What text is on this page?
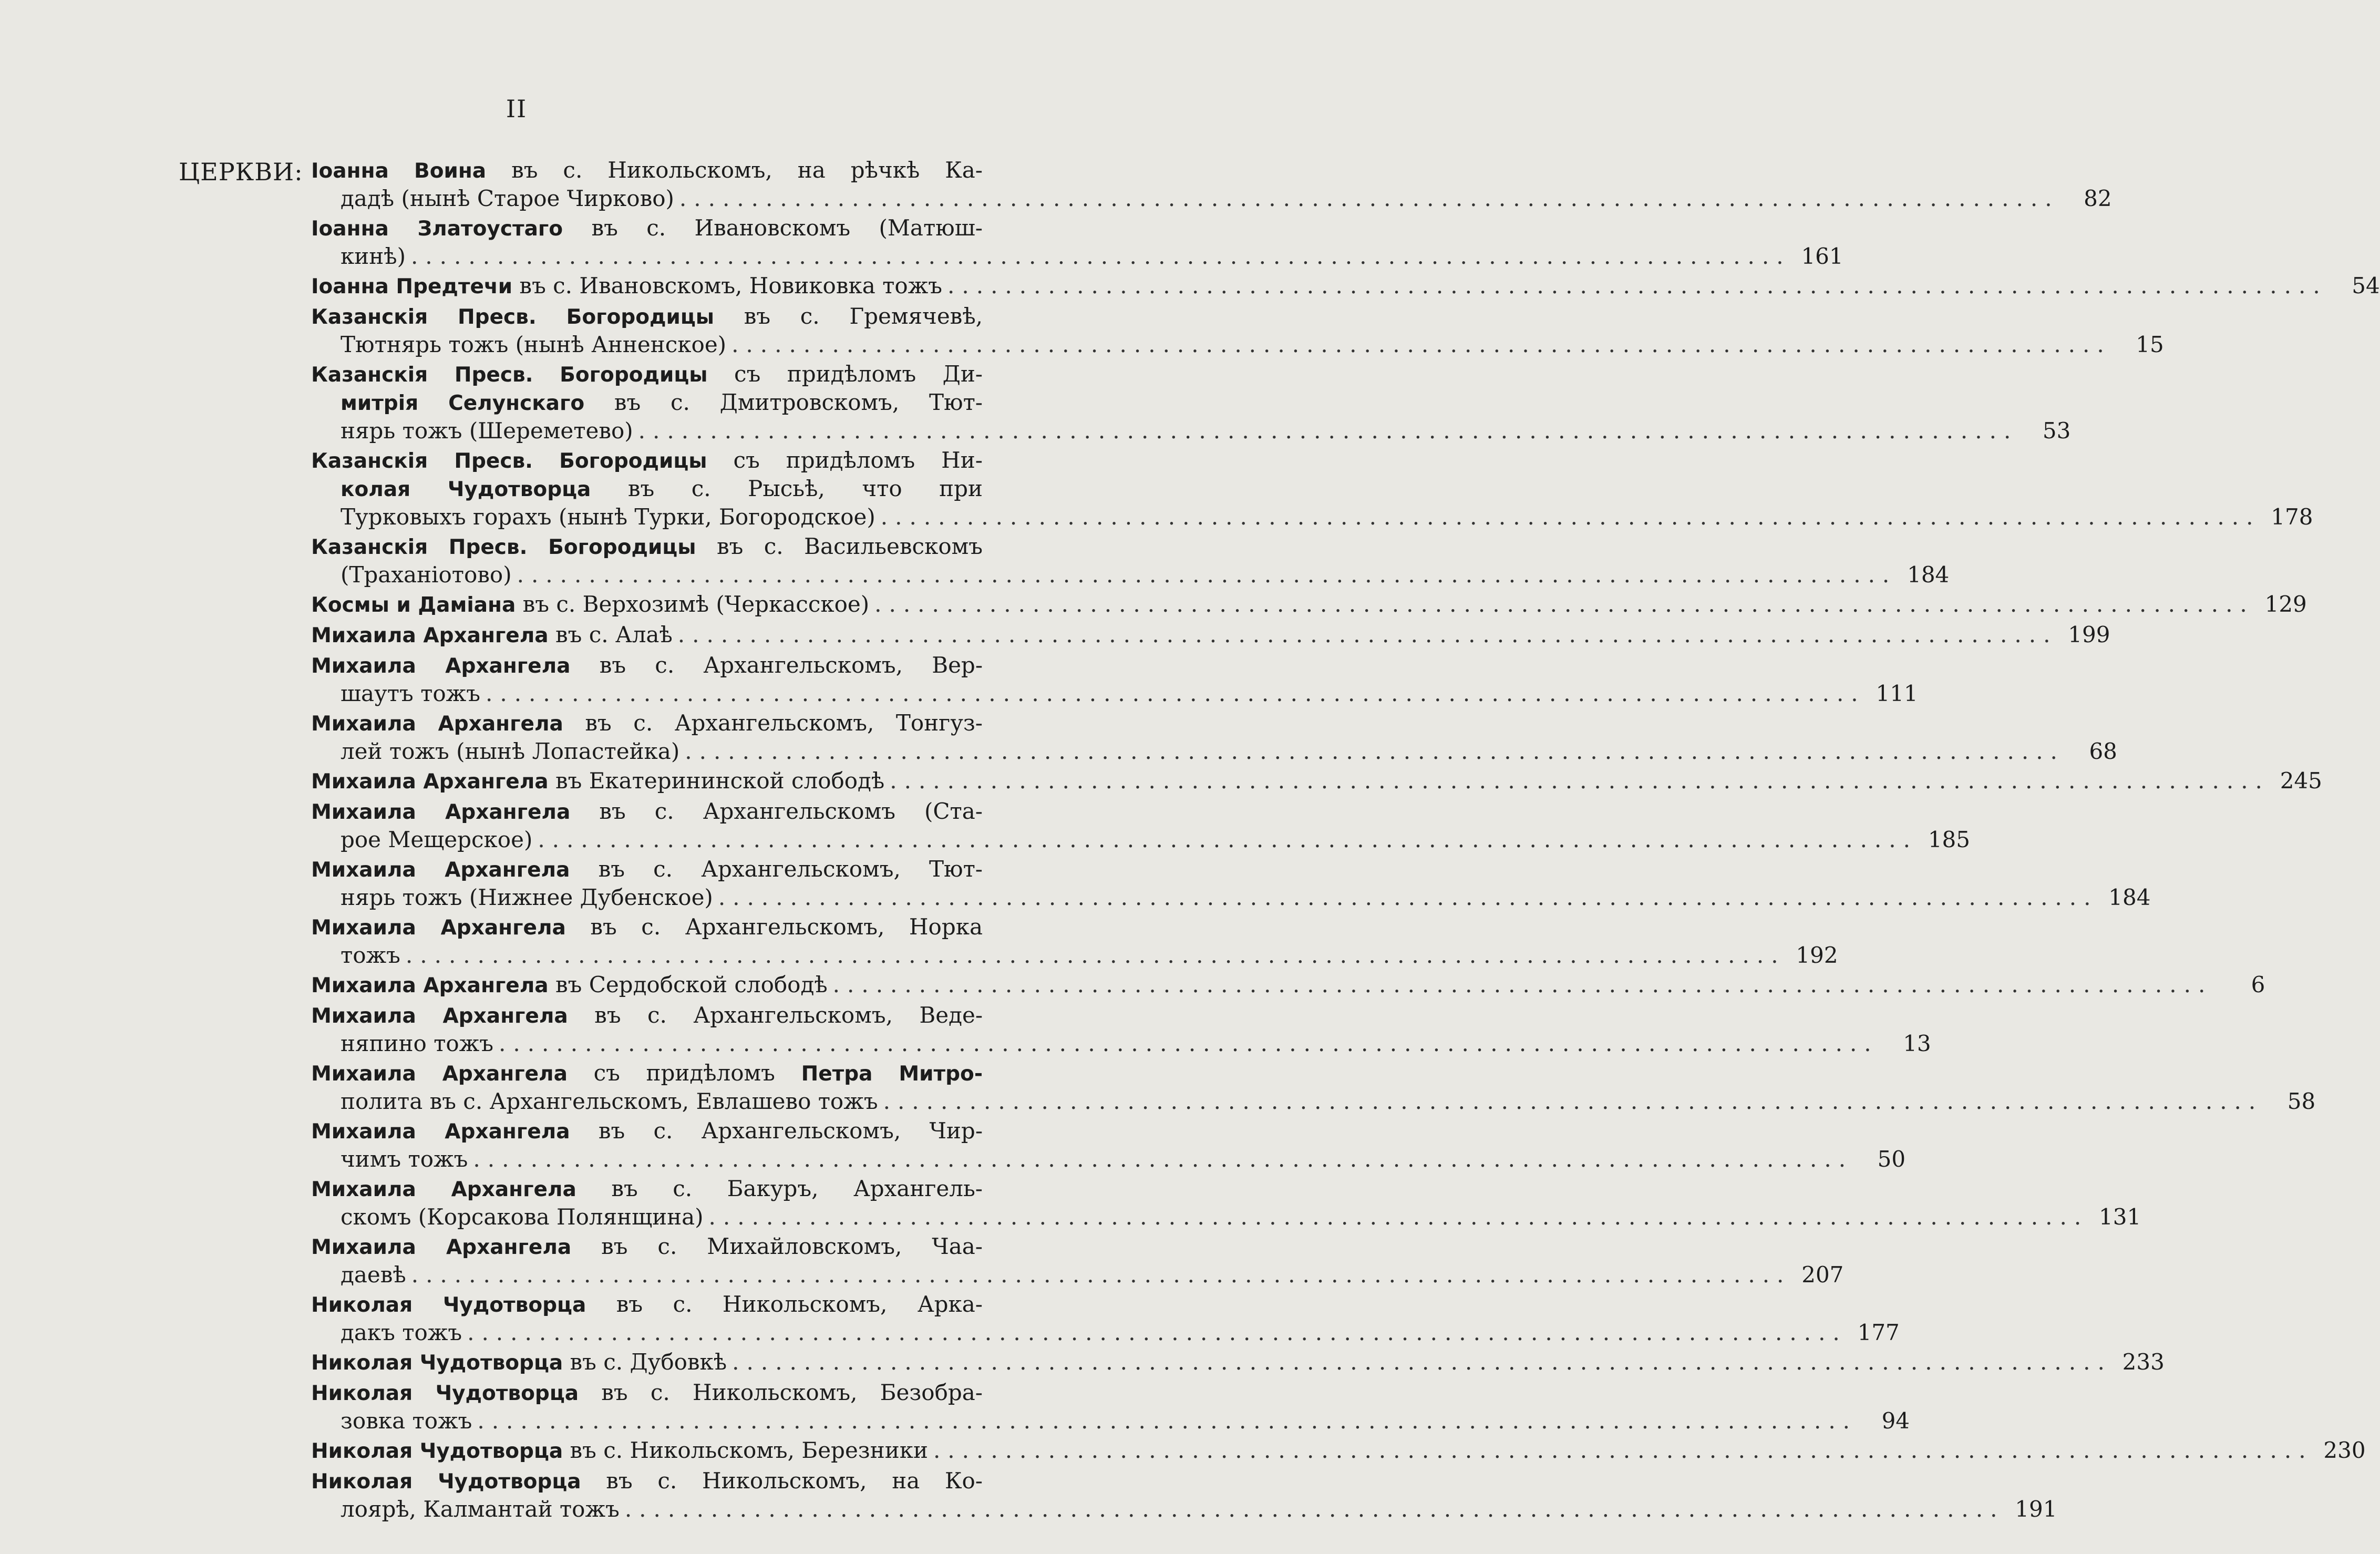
II
ЦЕРКВИ: Іоанна Воина въ с. Никольскомъ, на рѣчкѣ Ка-
дадѣ (нынѣ Старое Чирково) ................................................................................................	82
Іоанна Златоустаго въ с. Ивановскомъ (Матюш-
кинѣ) ................................................................................................ 161
Іоанна Предтечи въ с. Ивановскомъ, Новиковка тожъ ................................................................................................	54
Казанскія Пресв. Богородицы въ с. Гремячевѣ,
Тютнярь тожъ (нынѣ Анненское) ................................................................................................	15
Казанскія Пресв. Богородицы съ придѣломъ Ди-
митрія Селунскаго въ с. Дмитровскомъ, Тют-
нярь тожъ (Шереметево) ................................................................................................	53
Казанскія Пресв. Богородицы съ придѣломъ Ни-
колая Чудотворца въ с. Рысьѣ, что при
Турковыхъ горахъ (нынѣ Турки, Богородское) ................................................................................................ 178
Казанскія Пресв. Богородицы въ с. Васильевскомъ
(Траханіотово) ................................................................................................ 184
Космы и Даміана въ с. Верхозимѣ (Черкасское) ................................................................................................ 129
Михаила Архангела въ с. Алаѣ ................................................................................................ 199
Михаила Архангела въ с. Архангельскомъ, Вер-
шаутъ тожъ ................................................................................................ 111
Михаила Архангела въ с. Архангельскомъ, Тонгуз-
лей тожъ (нынѣ Лопастейка) ................................................................................................	68
Михаила Архангела въ Екатерининской слободѣ ................................................................................................ 245
Михаила Архангела въ с. Архангельскомъ (Ста-
рое Мещерское) ................................................................................................ 185
Михаила Архангела въ с. Архангельскомъ, Тют-
нярь тожъ (Нижнее Дубенское) ................................................................................................ 184
Михаила Архангела въ с. Архангельскомъ, Норка
тожъ ................................................................................................ 192
Михаила Архангела въ Сердобской слободѣ ................................................................................................	6
Михаила Архангела въ с. Архангельскомъ, Веде-
няпино тожъ ................................................................................................	13
Михаила Архангела съ придѣломъ Петра Митро-
полита въ с. Архангельскомъ, Евлашево тожъ ................................................................................................	58
Михаила Архангела въ с. Архангельскомъ, Чир-
чимъ тожъ ................................................................................................	50
Михаила Архангела въ с. Бакуръ, Архангель-
скомъ (Корсакова Полянщина) ................................................................................................ 131
Михаила Архангела въ с. Михайловскомъ, Чаа-
даевѣ ................................................................................................ 207
Николая Чудотворца въ с. Никольскомъ, Арка-
дакъ тожъ ................................................................................................ 177
Николая Чудотворца въ с. Дубовкѣ ................................................................................................ 233
Николая Чудотворца въ с. Никольскомъ, Безобра-
зовка тожъ ................................................................................................	94
Николая Чудотворца въ с. Никольскомъ, Березники ................................................................................................ 230
Николая Чудотворца въ с. Никольскомъ, на Ко-
лоярѣ, Калмантай тожъ ................................................................................................ 191
